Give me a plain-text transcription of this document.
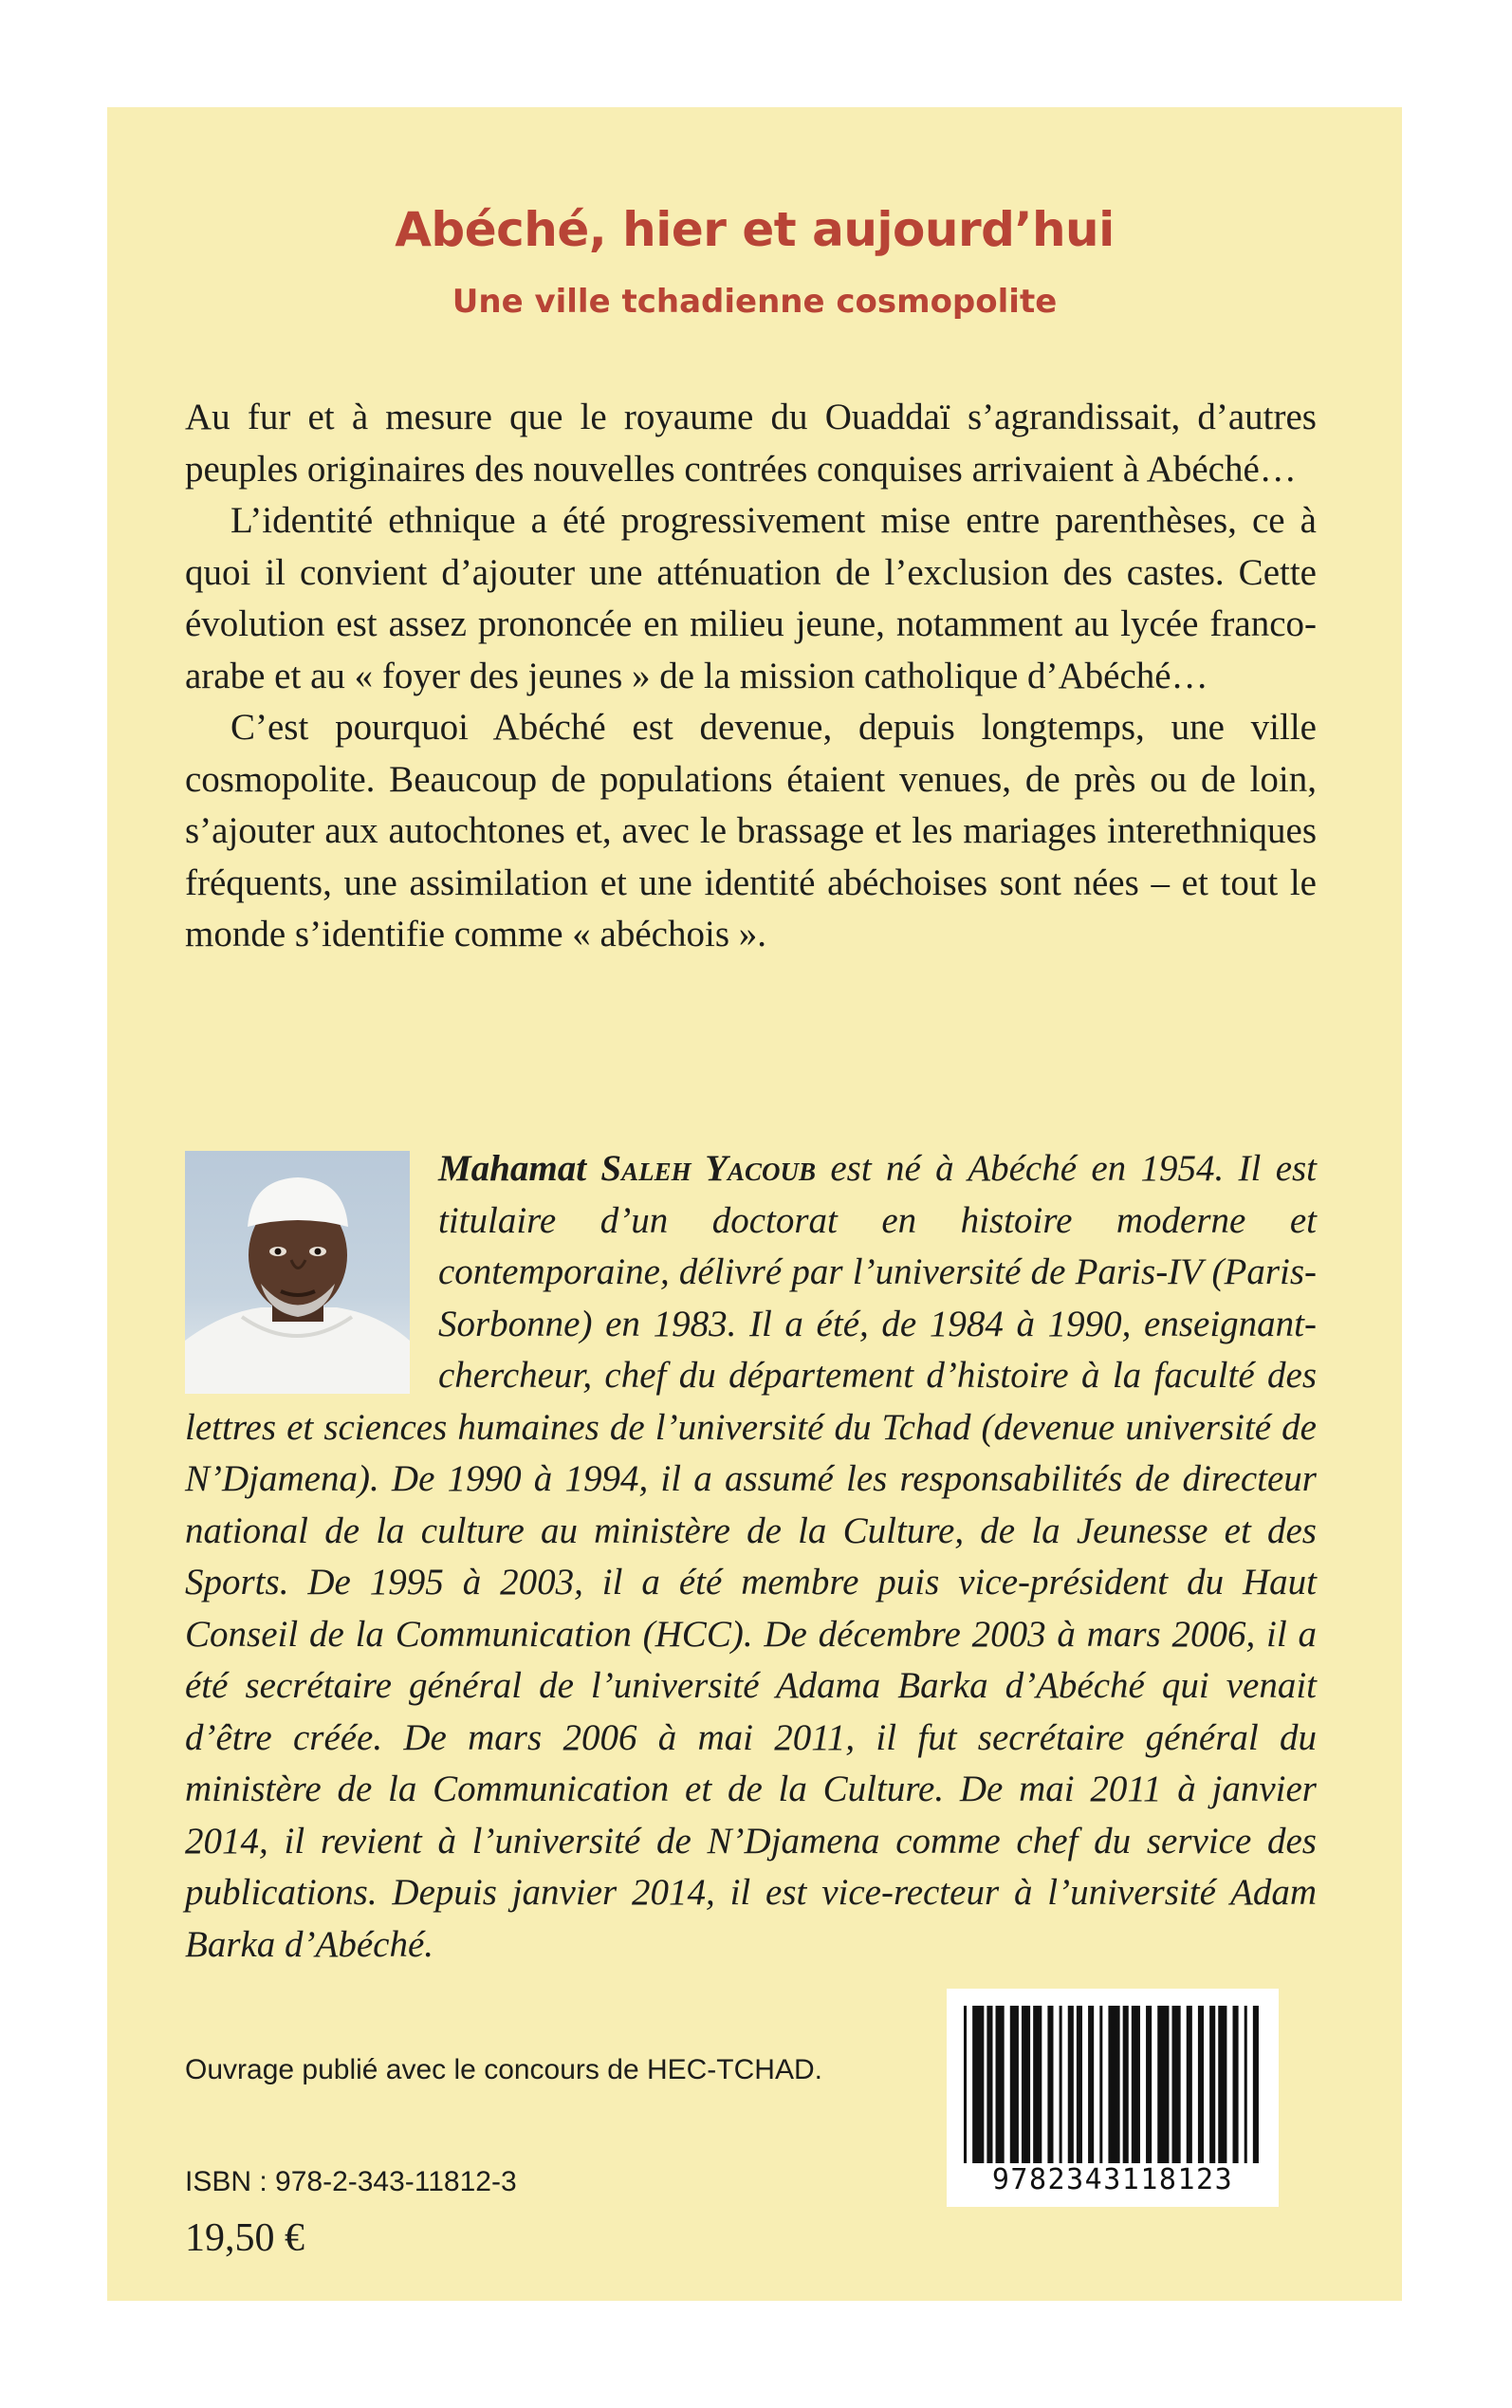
Abéché, hier et aujourd’hui
Une ville tchadienne cosmopolite

Au fur et à mesure que le royaume du Ouaddaï s’agrandissait, d’autres peuples originaires des nouvelles contrées conquises arrivaient à Abéché…

L’identité ethnique a été progressivement mise entre parenthèses, ce à quoi il convient d’ajouter une atténuation de l’exclusion des castes. Cette évolution est assez prononcée en milieu jeune, notamment au lycée franco-arabe et au « foyer des jeunes » de la mission catholique d’Abéché…

C’est pourquoi Abéché est devenue, depuis longtemps, une ville cosmopolite. Beaucoup de populations étaient venues, de près ou de loin, s’ajouter aux autochtones et, avec le brassage et les mariages interethniques fréquents, une assimilation et une identité abéchoises sont nées – et tout le monde s’identifie comme « abéchois ».

Mahamat Saleh Yacoub est né à Abéché en 1954. Il est titulaire d’un doctorat en histoire moderne et contemporaine, délivré par l’université de Paris-IV (Paris-Sorbonne) en 1983. Il a été, de 1984 à 1990, enseignant-chercheur, chef du département d’histoire à la faculté des lettres et sciences humaines de l’université du Tchad (devenue université de N’Djamena). De 1990 à 1994, il a assumé les responsabilités de directeur national de la culture au ministère de la Culture, de la Jeunesse et des Sports. De 1995 à 2003, il a été membre puis vice-président du Haut Conseil de la Communication (HCC). De décembre 2003 à mars 2006, il a été secrétaire général de l’université Adama Barka d’Abéché qui venait d’être créée. De mars 2006 à mai 2011, il fut secrétaire général du ministère de la Communication et de la Culture. De mai 2011 à janvier 2014, il revient à l’université de N’Djamena comme chef du service des publications. Depuis janvier 2014, il est vice-recteur à l’université Adam Barka d’Abéché.
Ouvrage publié avec le concours de HEC-TCHAD.
ISBN : 978-2-343-11812-3
19,50 €
9782343118123
